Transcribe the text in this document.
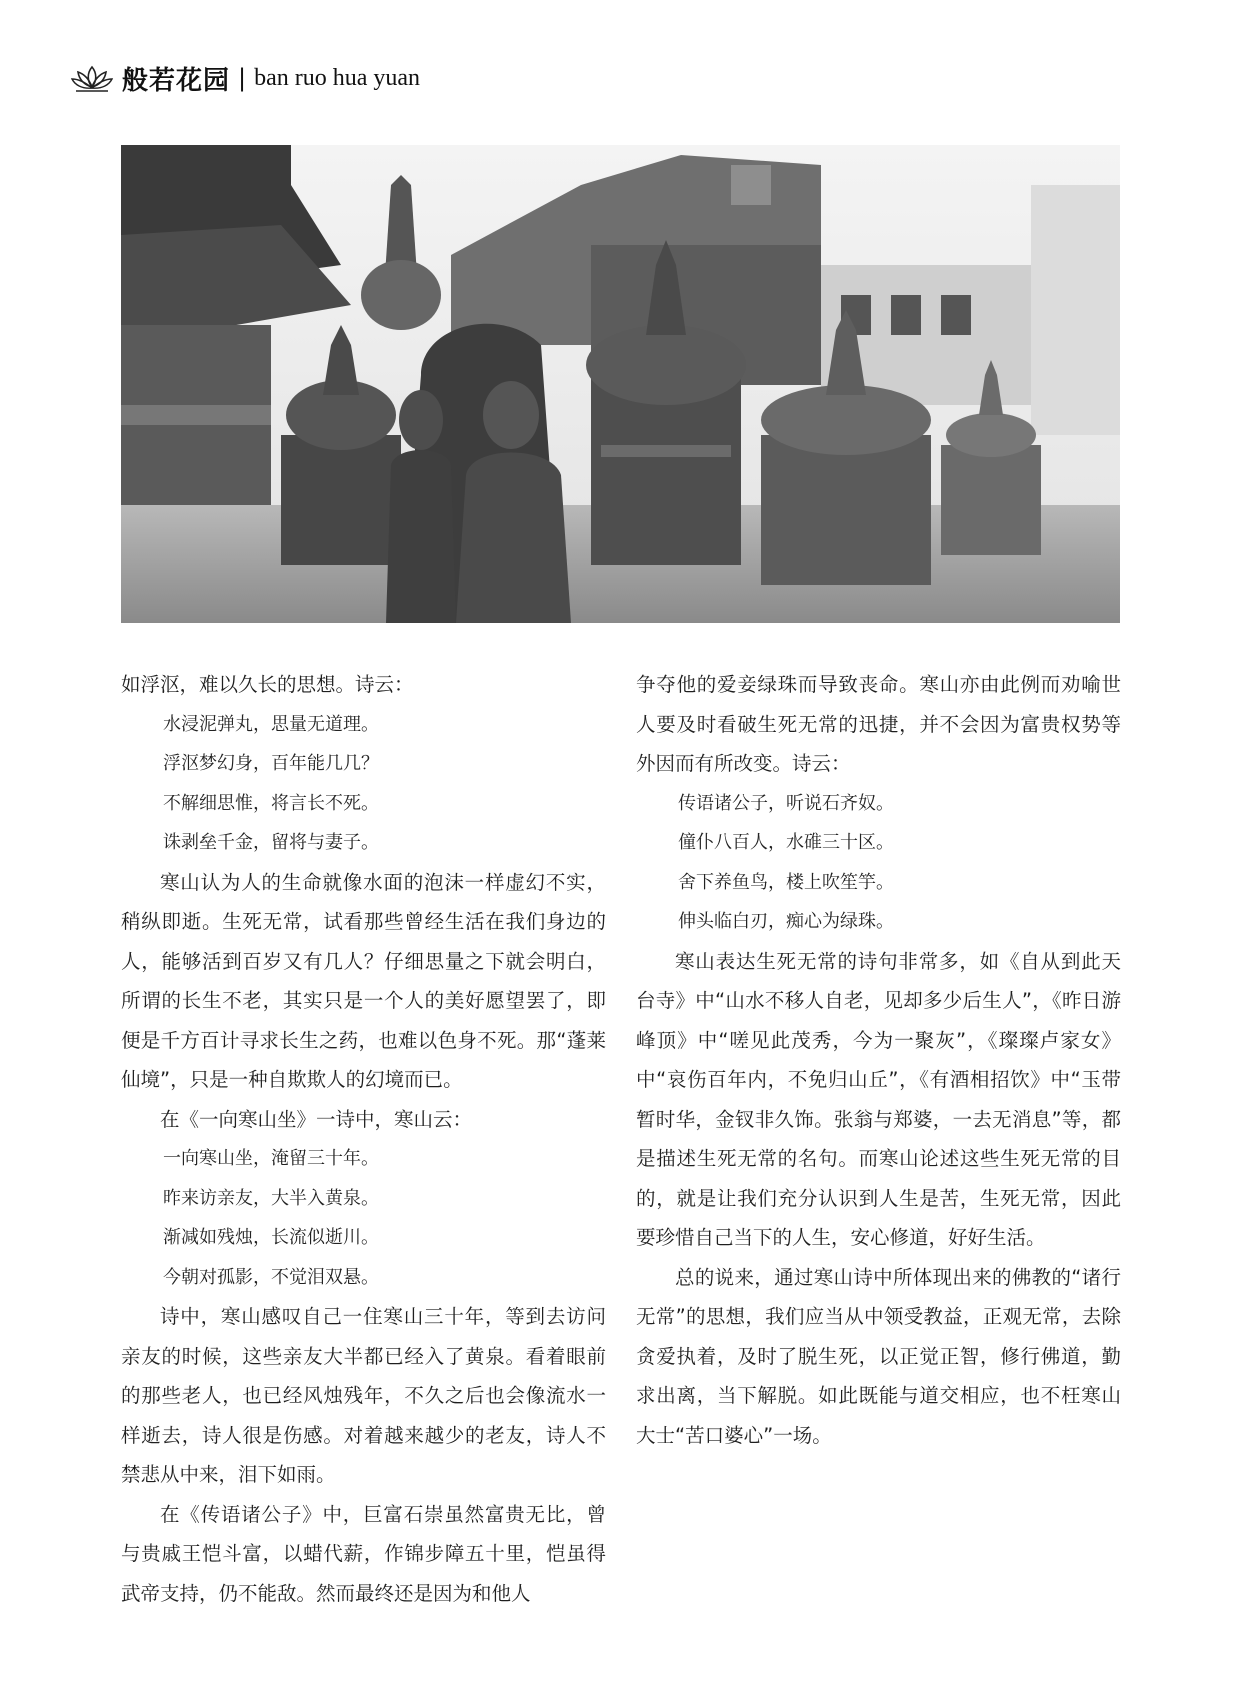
般若花园 | ban ruo hua yuan

如浮沤，难以久长的思想。诗云：

水浸泥弹丸，思量无道理。

浮沤梦幻身，百年能几几？

不解细思惟，将言长不死。

诛剥垒千金，留将与妻子。

寒山认为人的生命就像水面的泡沫一样虚幻不实，稍纵即逝。生死无常，试看那些曾经生活在我们身边的人，能够活到百岁又有几人？仔细思量之下就会明白，所谓的长生不老，其实只是一个人的美好愿望罢了，即便是千方百计寻求长生之药，也难以色身不死。那“蓬莱仙境”，只是一种自欺欺人的幻境而已。

在《一向寒山坐》一诗中，寒山云：

一向寒山坐，淹留三十年。

昨来访亲友，大半入黄泉。

渐减如残烛，长流似逝川。

今朝对孤影，不觉泪双悬。

诗中，寒山感叹自己一住寒山三十年，等到去访问亲友的时候，这些亲友大半都已经入了黄泉。看着眼前的那些老人，也已经风烛残年，不久之后也会像流水一样逝去，诗人很是伤感。对着越来越少的老友，诗人不禁悲从中来，泪下如雨。

在《传语诸公子》中，巨富石崇虽然富贵无比，曾与贵戚王恺斗富，以蜡代薪，作锦步障五十里，恺虽得武帝支持，仍不能敌。然而最终还是因为和他人

争夺他的爱妾绿珠而导致丧命。寒山亦由此例而劝喻世人要及时看破生死无常的迅捷，并不会因为富贵权势等外因而有所改变。诗云：

传语诸公子，听说石齐奴。

僮仆八百人，水碓三十区。

舍下养鱼鸟，楼上吹笙竽。

伸头临白刃，痴心为绿珠。

寒山表达生死无常的诗句非常多，如《自从到此天台寺》中“山水不移人自老，见却多少后生人”，《昨日游峰顶》中“嗟见此茂秀，今为一聚灰”，《璨璨卢家女》中“哀伤百年内，不免归山丘”，《有酒相招饮》中“玉带暂时华，金钗非久饰。张翁与郑婆，一去无消息”等，都是描述生死无常的名句。而寒山论述这些生死无常的目的，就是让我们充分认识到人生是苦，生死无常，因此要珍惜自己当下的人生，安心修道，好好生活。

总的说来，通过寒山诗中所体现出来的佛教的“诸行无常”的思想，我们应当从中领受教益，正观无常，去除贪爱执着，及时了脱生死，以正觉正智，修行佛道，勤求出离，当下解脱。如此既能与道交相应，也不枉寒山大士“苦口婆心”一场。
